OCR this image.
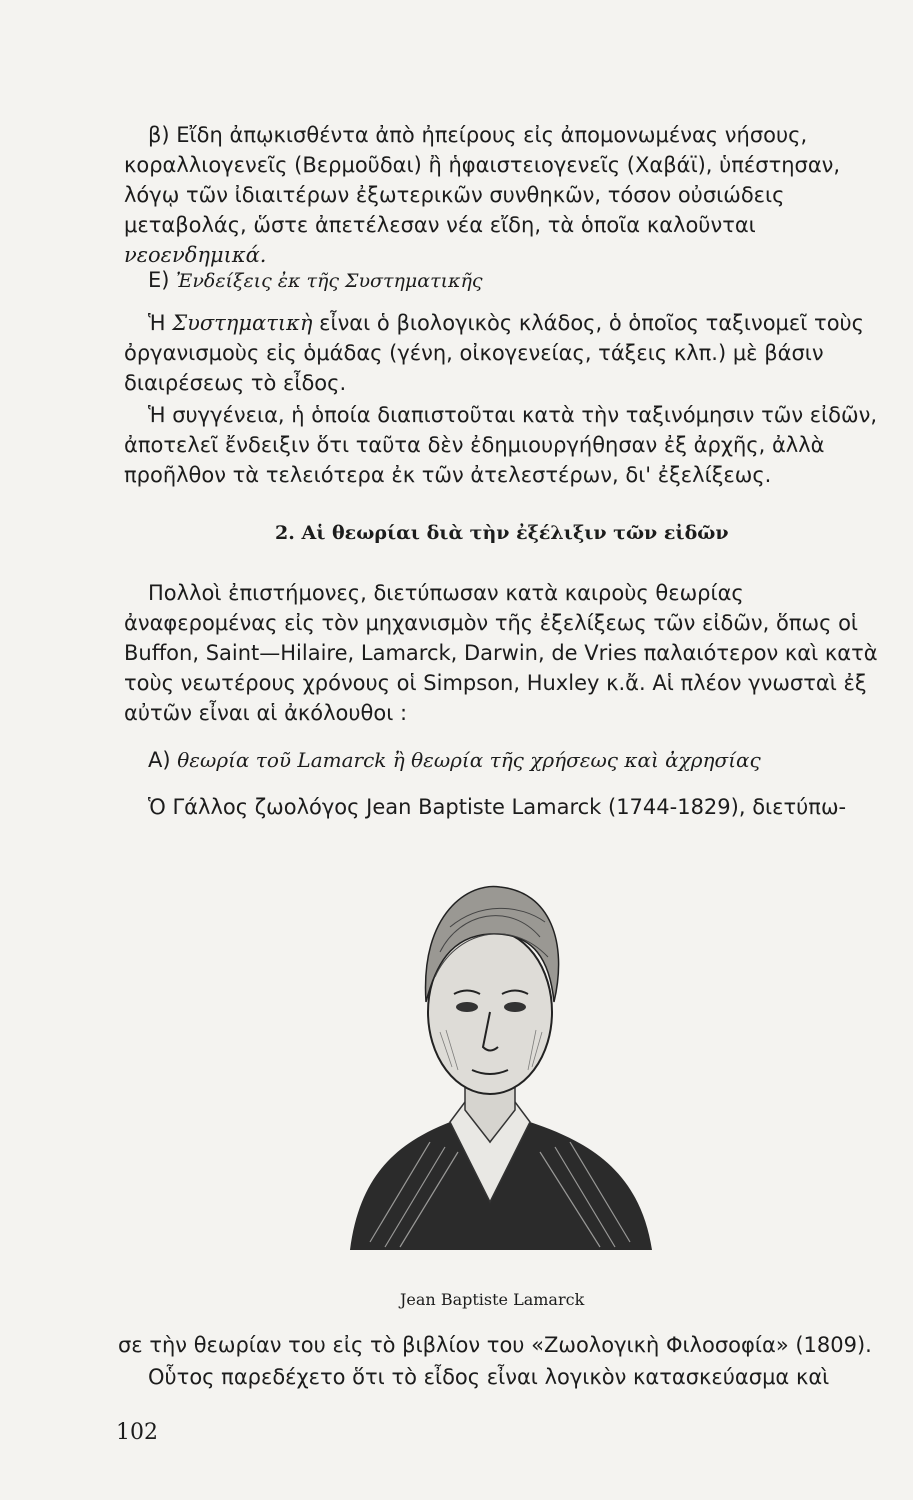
β) Εἴδη ἀπῳκισθέντα ἀπὸ ἠπείρους εἰς ἀπομονωμένας νήσους, κοραλλιογενεῖς (Βερμοῦδαι) ἢ ἡφαιστειογενεῖς (Χαβάϊ), ὑπέστησαν, λόγῳ τῶν ἰδιαιτέρων ἐξωτερικῶν συνθηκῶν, τόσον οὐσιώδεις μεταβολάς, ὥστε ἀπετέλεσαν νέα εἴδη, τὰ ὁποῖα καλοῦνται νεοενδημικά.

Ε) Ἐνδείξεις ἐκ τῆς Συστηματικῆς

Ἡ Συστηματικὴ εἶναι ὁ βιολογικὸς κλάδος, ὁ ὁποῖος ταξινομεῖ τοὺς ὀργανισμοὺς εἰς ὁμάδας (γένη, οἰκογενείας, τάξεις κλπ.) μὲ βάσιν διαιρέσεως τὸ εἶδος.

Ἡ συγγένεια, ἡ ὁποία διαπιστοῦται κατὰ τὴν ταξινόμησιν τῶν εἰδῶν, ἀποτελεῖ ἔνδειξιν ὅτι ταῦτα δὲν ἐδημιουργήθησαν ἐξ ἀρχῆς, ἀλλὰ προῆλθον τὰ τελειότερα ἐκ τῶν ἀτελεστέρων, δι' ἐξελίξεως.

2. Αἱ θεωρίαι διὰ τὴν ἐξέλιξιν τῶν εἰδῶν

Πολλοὶ ἐπιστήμονες, διετύπωσαν κατὰ καιροὺς θεωρίας ἀναφερομένας εἰς τὸν μηχανισμὸν τῆς ἐξελίξεως τῶν εἰδῶν, ὅπως οἱ Buffon, Saint—Hilaire, Lamarck, Darwin, de Vries παλαιότερον καὶ κατὰ τοὺς νεωτέρους χρόνους οἱ Simpson, Huxley κ.ἄ. Αἱ πλέον γνωσταὶ ἐξ αὐτῶν εἶναι αἱ ἀκόλουθοι :

Α) θεωρία τοῦ Lamarck ἢ θεωρία τῆς χρήσεως καὶ ἀχρησίας

Ὁ Γάλλος ζωολόγος Jean Baptiste Lamarck (1744-1829), διετύπω-

Jean Baptiste Lamarck

σε τὴν θεωρίαν του εἰς τὸ βιβλίον του «Ζωολογικὴ Φιλοσοφία» (1809).

Οὗτος παρεδέχετο ὅτι τὸ εἶδος εἶναι λογικὸν κατασκεύασμα καὶ

102
